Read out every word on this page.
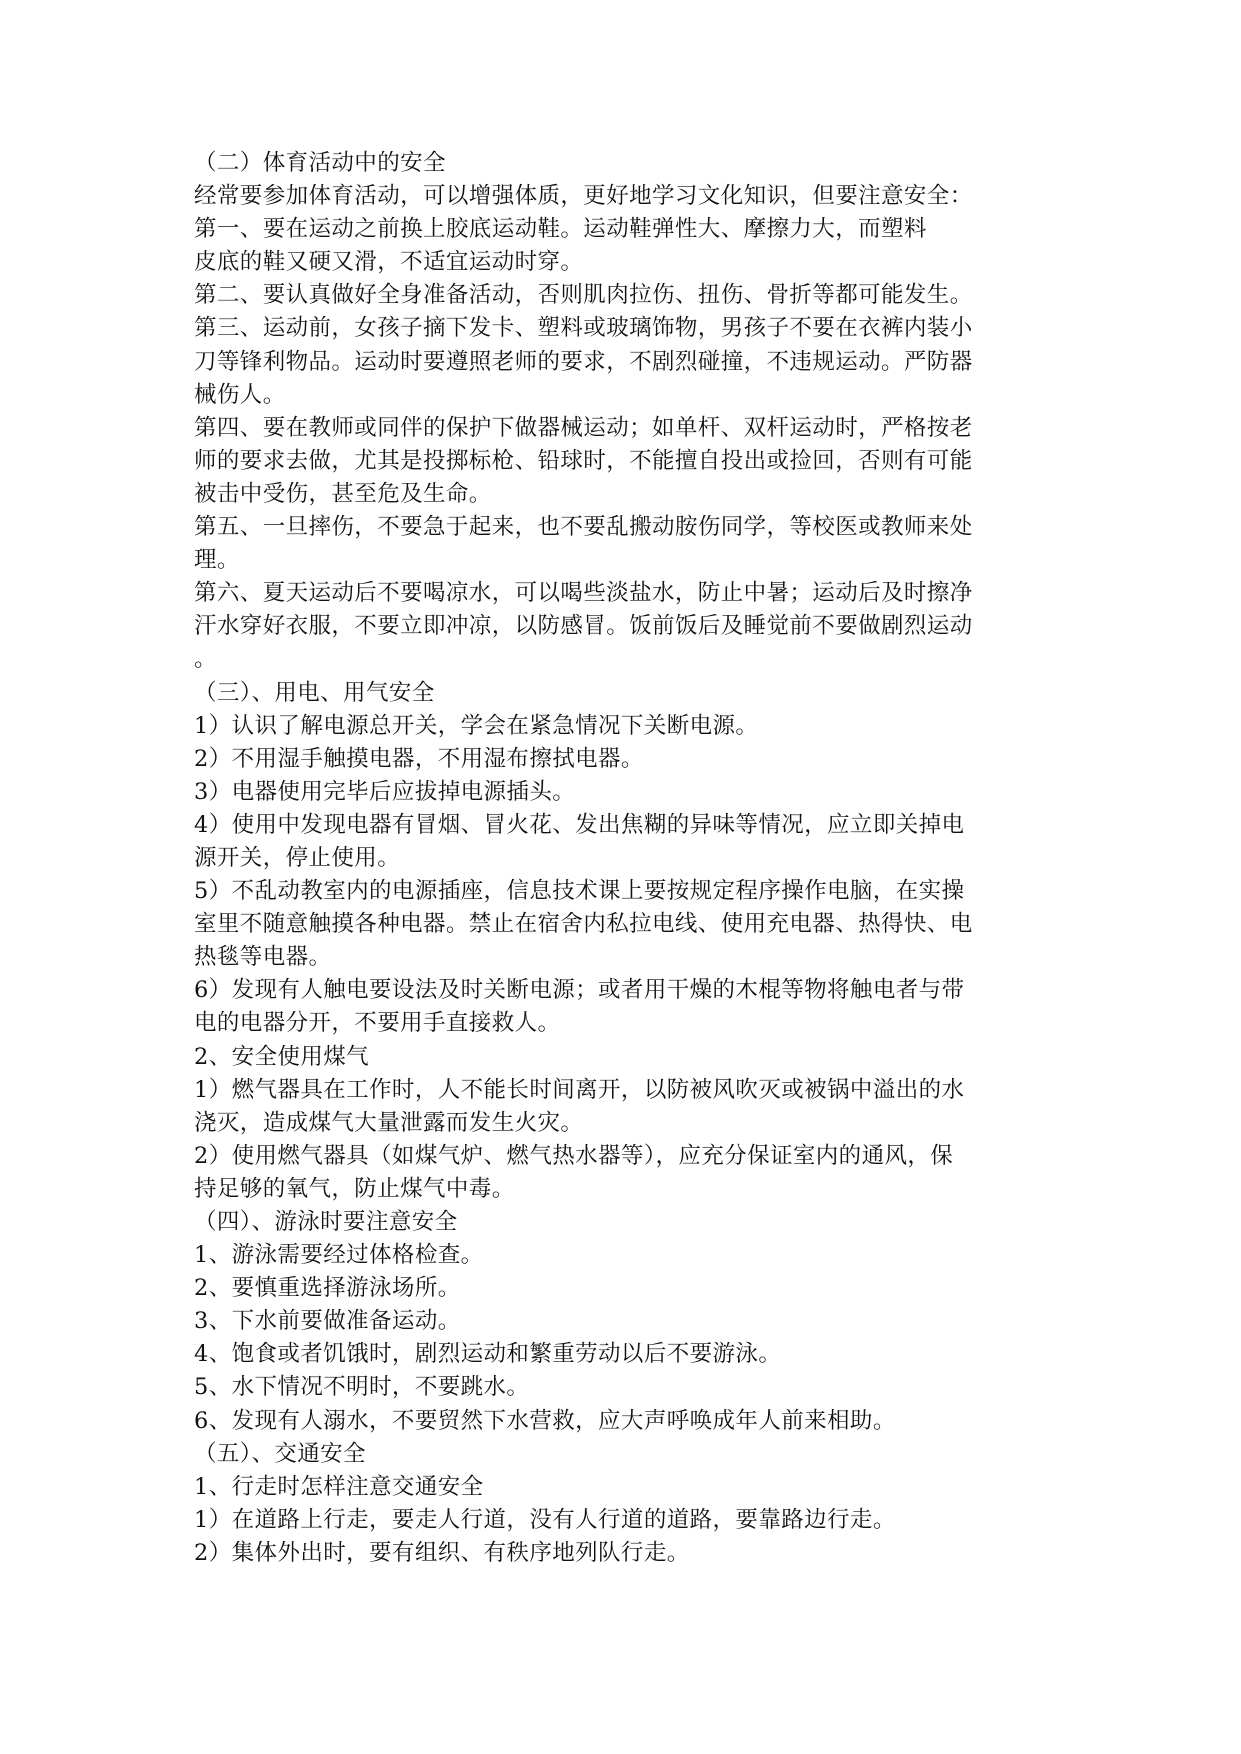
（二）体育活动中的安全
经常要参加体育活动，可以增强体质，更好地学习文化知识，但要注意安全：
第一、要在运动之前换上胶底运动鞋。运动鞋弹性大、摩擦力大，而塑料
皮底的鞋又硬又滑，不适宜运动时穿。
第二、要认真做好全身准备活动，否则肌肉拉伤、扭伤、骨折等都可能发生。
第三、运动前，女孩子摘下发卡、塑料或玻璃饰物，男孩子不要在衣裤内装小
刀等锋利物品。运动时要遵照老师的要求，不剧烈碰撞，不违规运动。严防器
械伤人。
第四、要在教师或同伴的保护下做器械运动；如单杆、双杆运动时，严格按老
师的要求去做，尤其是投掷标枪、铅球时，不能擅自投出或捡回，否则有可能
被击中受伤，甚至危及生命。
第五、一旦摔伤，不要急于起来，也不要乱搬动胺伤同学，等校医或教师来处
理。
第六、夏天运动后不要喝凉水，可以喝些淡盐水，防止中暑；运动后及时擦净
汗水穿好衣服，不要立即冲凉，以防感冒。饭前饭后及睡觉前不要做剧烈运动
。
（三）、用电、用气安全
1）认识了解电源总开关，学会在紧急情况下关断电源。
2）不用湿手触摸电器，不用湿布擦拭电器。
3）电器使用完毕后应拔掉电源插头。
4）使用中发现电器有冒烟、冒火花、发出焦糊的异味等情况，应立即关掉电
源开关，停止使用。
5）不乱动教室内的电源插座，信息技术课上要按规定程序操作电脑，在实操
室里不随意触摸各种电器。禁止在宿舍内私拉电线、使用充电器、热得快、电
热毯等电器。
6）发现有人触电要设法及时关断电源；或者用干燥的木棍等物将触电者与带
电的电器分开，不要用手直接救人。
2、安全使用煤气
1）燃气器具在工作时，人不能长时间离开，以防被风吹灭或被锅中溢出的水
浇灭，造成煤气大量泄露而发生火灾。
2）使用燃气器具（如煤气炉、燃气热水器等），应充分保证室内的通风，保
持足够的氧气，防止煤气中毒。
（四）、游泳时要注意安全
1、游泳需要经过体格检查。
2、要慎重选择游泳场所。
3、下水前要做准备运动。
4、饱食或者饥饿时，剧烈运动和繁重劳动以后不要游泳。
5、水下情况不明时，不要跳水。
6、发现有人溺水，不要贸然下水营救，应大声呼唤成年人前来相助。
（五）、交通安全
1、行走时怎样注意交通安全
1）在道路上行走，要走人行道，没有人行道的道路，要靠路边行走。
2）集体外出时，要有组织、有秩序地列队行走。
